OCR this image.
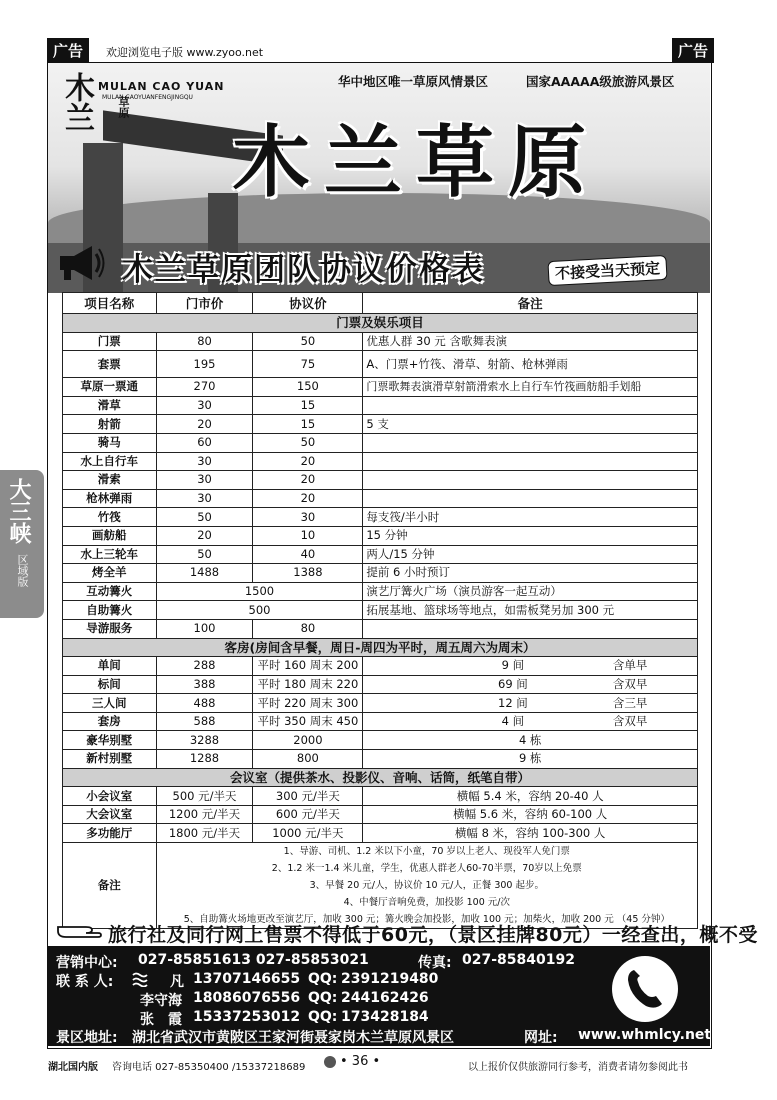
广告	欢迎浏览电子版 www.zyoo.net	广告
木兰 MULAN CAO YUAN
MULAN CAOYUANFENGJINGQU
草原
华中地区唯一草原风情景区	国家AAAAA级旅游风景区
木兰草原
木兰草原团队协议价格表	不接受当天预定
项目名称	门市价	协议价	备注
门票及娱乐项目			
门票	80	50	优惠人群 30 元 含歌舞表演
套票	195	75	A、门票+竹筏、滑草、射箭、枪林弹雨
草原一票通	270	150	门票歌舞表演滑草射箭滑索水上自行车竹筏画舫船手划船
滑草	30	15	
射箭	20	15	5 支
骑马	60	50	
水上自行车	30	20	
滑索	30	20	
枪林弹雨	30	20	
竹筏	50	30	每支筏/半小时
画舫船	20	10	15 分钟
水上三轮车	50	40	两人/15 分钟
烤全羊	1488	1388	提前 6 小时预订
互动篝火	1500		演艺厅篝火广场（演员游客一起互动）
自助篝火	500		拓展基地、篮球场等地点，如需板凳另加 300 元
导游服务	100	80	
客房(房间含早餐，周日-周四为平时，周五周六为周末）			
单间	288	平时 160 周末 200	9 间 含单早
标间	388	平时 180 周末 220	69 间 含双早
三人间	488	平时 220 周末 300	12 间 含三早
套房	588	平时 350 周末 450	4 间 含双早
豪华别墅	3288	2000	4 栋
新村别墅	1288	800	9 栋
会议室（提供茶水、投影仪、音响、话筒，纸笔自带）			
小会议室	500 元/半天	300 元/半天	横幅 5.4 米，容纳 20-40 人
大会议室	1200 元/半天	600 元/半天	横幅 5.6 米，容纳 60-100 人
多功能厅	1800 元/半天	1000 元/半天	横幅 8 米，容纳 100-300 人
备注	1、导游、司机、1.2 米以下小童，70 岁以上老人、现役军人免门票
2、1.2 米一1.4 米儿童，学生，优惠人群老人60-70半票，70岁以上免票
3、早餐 20 元/人，协议价 10 元/人，正餐 300 起步。
4、中餐厅音响免费，加投影 100 元/次
5、自助篝火场地更改至演艺厅，加收 300 元；篝火晚会加投影，加收 100 元；加柴火，加收 200 元 （45 分钟）		
旅行社及同行网上售票不得低于60元，（景区挂牌80元）一经查出，概不受
营销中心: 027-85851613 027-85853021	传真: 027-85840192
联 系 人:	凡 13707146655 QQ: 2391219480
李守海 18086076556 QQ: 244162426
张　霞 15337253012 QQ: 173428184
景区地址: 湖北省武汉市黄陂区王家河街聂家岗木兰草原风景区	网址: www.whmlcy.net
大三峡
区域版
湖北国内版 咨询电话 027-85350400 /15337218689	• 36 •	以上报价仅供旅游同行参考，消费者请勿参阅此书
